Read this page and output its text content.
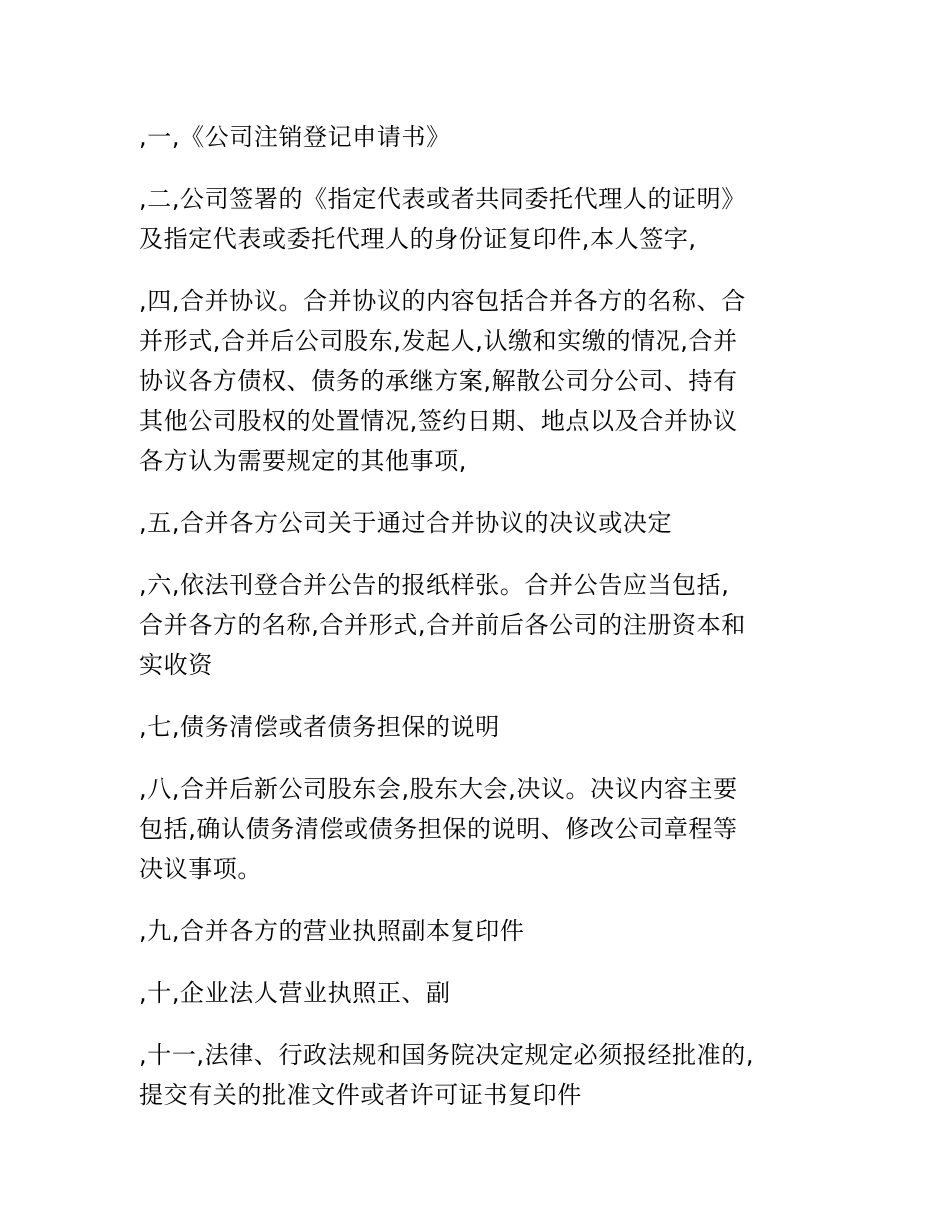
,一,《公司注销登记申请书》

,二,公司签署的《指定代表或者共同委托代理人的证明》
及指定代表或委托代理人的身份证复印件,本人签字,

,四,合并协议。合并协议的内容包括合并各方的名称、合
并形式,合并后公司股东,发起人,认缴和实缴的情况,合并
协议各方债权、债务的承继方案,解散公司分公司、持有
其他公司股权的处置情况,签约日期、地点以及合并协议
各方认为需要规定的其他事项,

,五,合并各方公司关于通过合并协议的决议或决定

,六,依法刊登合并公告的报纸样张。合并公告应当包括,
合并各方的名称,合并形式,合并前后各公司的注册资本和
实收资

,七,债务清偿或者债务担保的说明

,八,合并后新公司股东会,股东大会,决议。决议内容主要
包括,确认债务清偿或债务担保的说明、修改公司章程等
决议事项。

,九,合并各方的营业执照副本复印件

,十,企业法人营业执照正、副

,十一,法律、行政法规和国务院决定规定必须报经批准的,
提交有关的批准文件或者许可证书复印件
